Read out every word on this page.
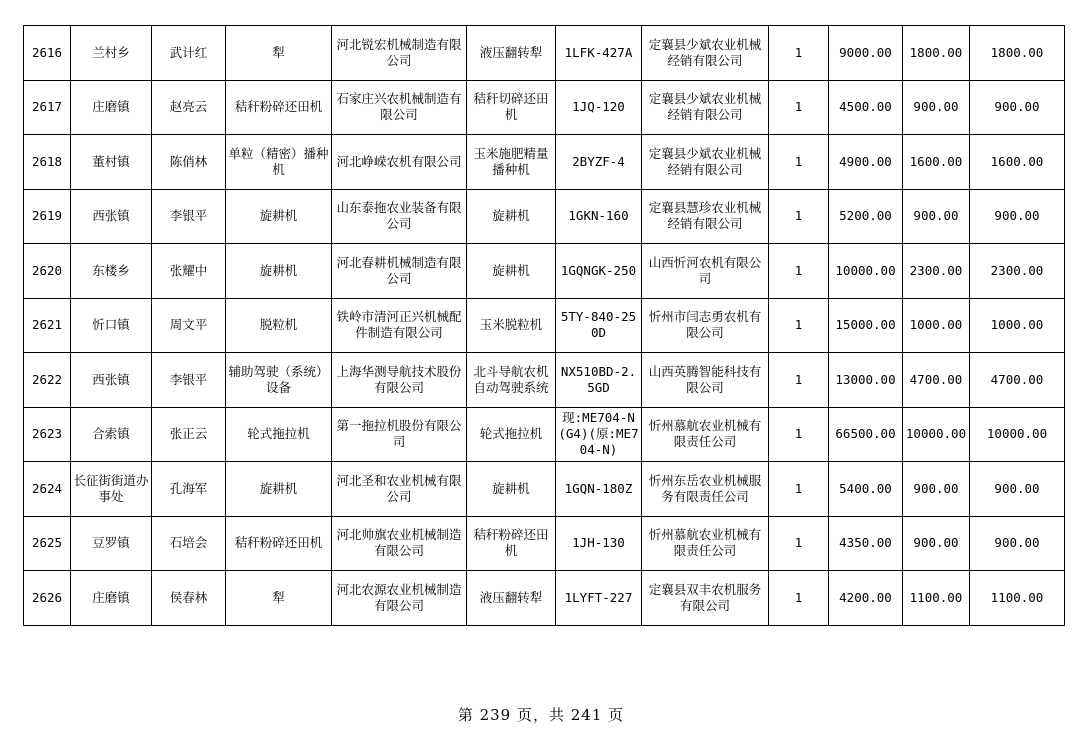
2616	兰村乡	武计红	犁	河北锐宏机械制造有限公司	液压翻转犁	1LFK-427A	定襄县少斌农业机械经销有限公司	1	9000.00	1800.00	1800.00
2617	庄磨镇	赵亮云	秸秆粉碎还田机	石家庄兴农机械制造有限公司	秸秆切碎还田机	1JQ-120	定襄县少斌农业机械经销有限公司	1	4500.00	900.00	900.00
2618	董村镇	陈俏林	单粒（精密）播种机	河北峥嵘农机有限公司	玉米施肥精量播种机	2BYZF-4	定襄县少斌农业机械经销有限公司	1	4900.00	1600.00	1600.00
2619	西张镇	李银平	旋耕机	山东泰拖农业装备有限公司	旋耕机	1GKN-160	定襄县慧珍农业机械经销有限公司	1	5200.00	900.00	900.00
2620	东楼乡	张耀中	旋耕机	河北春耕机械制造有限公司	旋耕机	1GQNGK-250	山西忻河农机有限公司	1	10000.00	2300.00	2300.00
2621	忻口镇	周文平	脱粒机	铁岭市清河正兴机械配件制造有限公司	玉米脱粒机	5TY-840-250D	忻州市闫志勇农机有限公司	1	15000.00	1000.00	1000.00
2622	西张镇	李银平	辅助驾驶（系统）设备	上海华测导航技术股份有限公司	北斗导航农机自动驾驶系统	NX510BD-2.5GD	山西英腾智能科技有限公司	1	13000.00	4700.00	4700.00
2623	合索镇	张正云	轮式拖拉机	第一拖拉机股份有限公司	轮式拖拉机	现:ME704-N(G4)(原:ME704-N)	忻州慕航农业机械有限责任公司	1	66500.00	10000.00	10000.00
2624	长征街街道办事处	孔海军	旋耕机	河北圣和农业机械有限公司	旋耕机	1GQN-180Z	忻州东岳农业机械服务有限责任公司	1	5400.00	900.00	900.00
2625	豆罗镇	石培会	秸秆粉碎还田机	河北帅旗农业机械制造有限公司	秸秆粉碎还田机	1JH-130	忻州慕航农业机械有限责任公司	1	4350.00	900.00	900.00
2626	庄磨镇	侯春林	犁	河北农源农业机械制造有限公司	液压翻转犁	1LYFT-227	定襄县双丰农机服务有限公司	1	4200.00	1100.00	1100.00
第 239 页，共 241 页
